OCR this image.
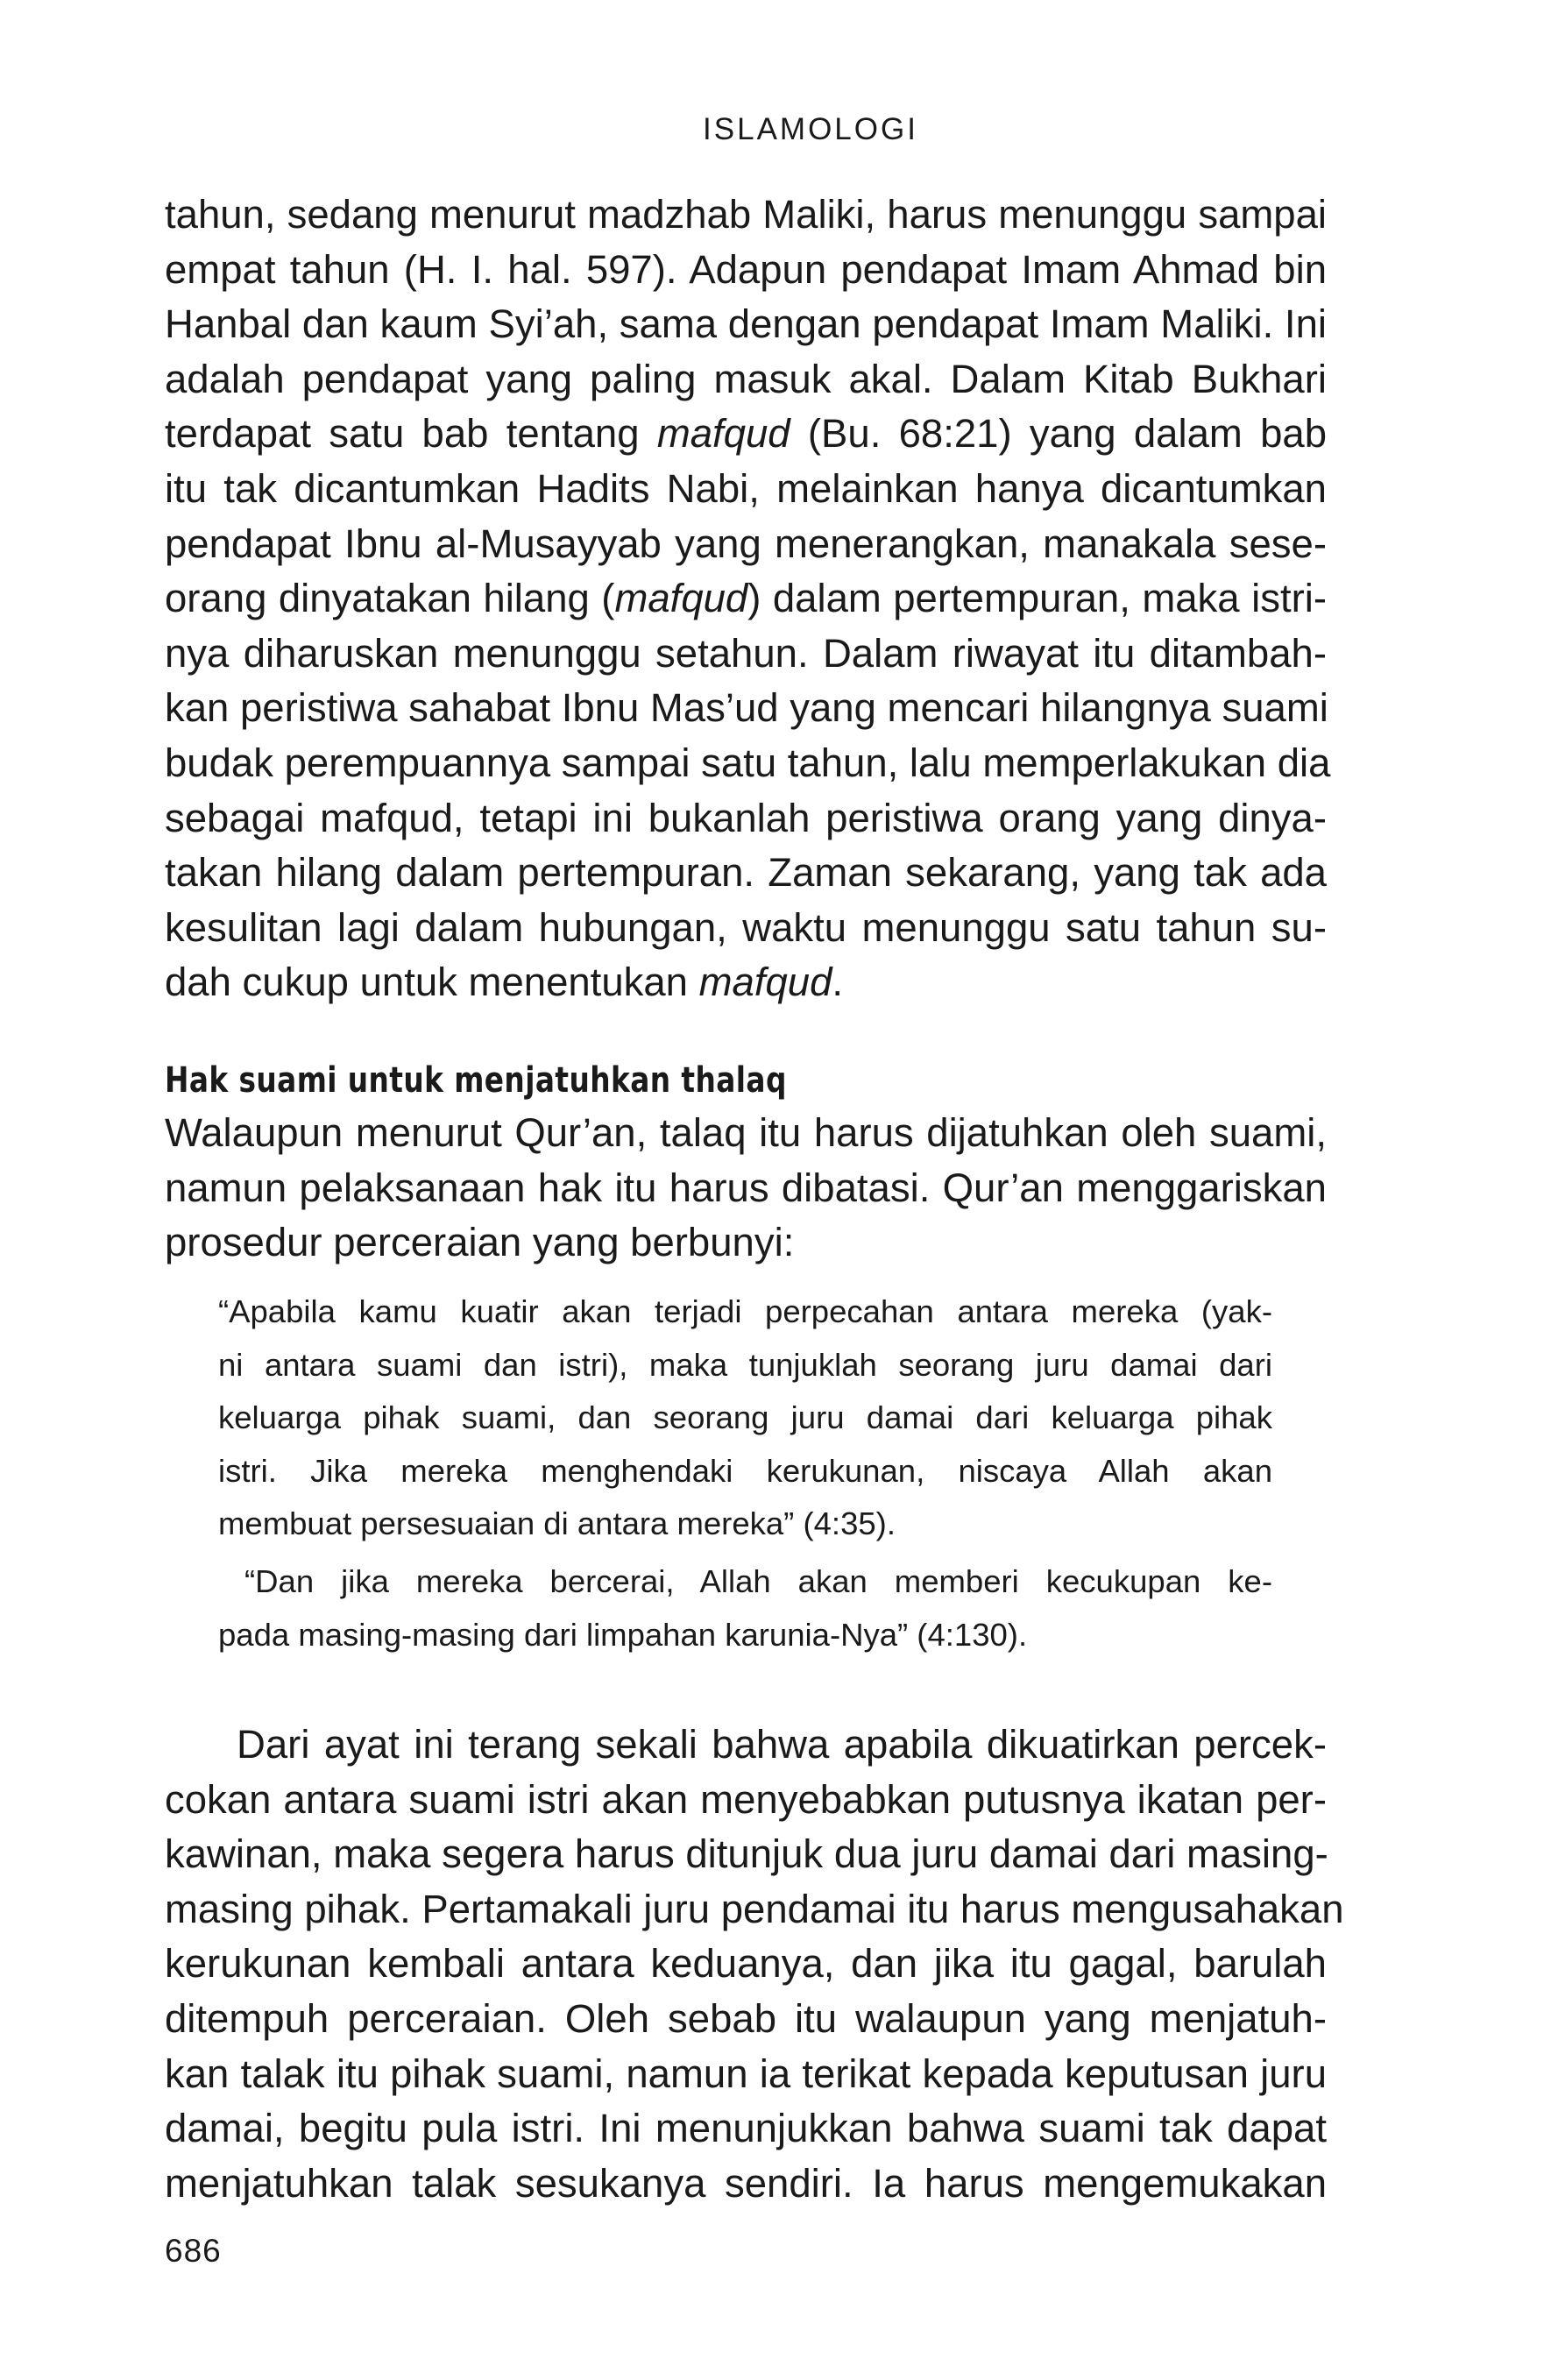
ISLAMOLOGI
tahun, sedang menurut madzhab Maliki, harus menunggu sampai
empat tahun (H. I. hal. 597). Adapun pendapat Imam Ahmad bin
Hanbal dan kaum Syi’ah, sama dengan pendapat Imam Maliki. Ini
adalah pendapat yang paling masuk akal. Dalam Kitab Bukhari
terdapat satu bab tentang mafqud (Bu. 68:21) yang dalam bab
itu tak dicantumkan Hadits Nabi, melainkan hanya dicantumkan
pendapat Ibnu al-Musayyab yang menerangkan, manakala sese-
orang dinyatakan hilang (mafqud) dalam pertempuran, maka istri-
nya diharuskan menunggu setahun. Dalam riwayat itu ditambah-
kan peristiwa sahabat Ibnu Mas’ud yang mencari hilangnya suami
budak perempuannya sampai satu tahun, lalu memperlakukan dia
sebagai mafqud, tetapi ini bukanlah peristiwa orang yang dinya-
takan hilang dalam pertempuran. Zaman sekarang, yang tak ada
kesulitan lagi dalam hubungan, waktu menunggu satu tahun su-
dah cukup untuk menentukan mafqud.
Hak suami untuk menjatuhkan thalaq
Walaupun menurut Qur’an, talaq itu harus dijatuhkan oleh suami,
namun pelaksanaan hak itu harus dibatasi. Qur’an menggariskan
prosedur perceraian yang berbunyi:
“Apabila kamu kuatir akan terjadi perpecahan antara mereka (yak-
ni antara suami dan istri), maka tunjuklah seorang juru damai dari
keluarga pihak suami, dan seorang juru damai dari keluarga pihak
istri. Jika mereka menghendaki kerukunan, niscaya Allah akan
membuat persesuaian di antara mereka” (4:35).
“Dan jika mereka bercerai, Allah akan memberi kecukupan ke-
pada masing-masing dari limpahan karunia-Nya” (4:130).
Dari ayat ini terang sekali bahwa apabila dikuatirkan percek-
cokan antara suami istri akan menyebabkan putusnya ikatan per-
kawinan, maka segera harus ditunjuk dua juru damai dari masing-
masing pihak. Pertamakali juru pendamai itu harus mengusahakan
kerukunan kembali antara keduanya, dan jika itu gagal, barulah
ditempuh perceraian. Oleh sebab itu walaupun yang menjatuh-
kan talak itu pihak suami, namun ia terikat kepada keputusan juru
damai, begitu pula istri. Ini menunjukkan bahwa suami tak dapat
menjatuhkan talak sesukanya sendiri. Ia harus mengemukakan
686
